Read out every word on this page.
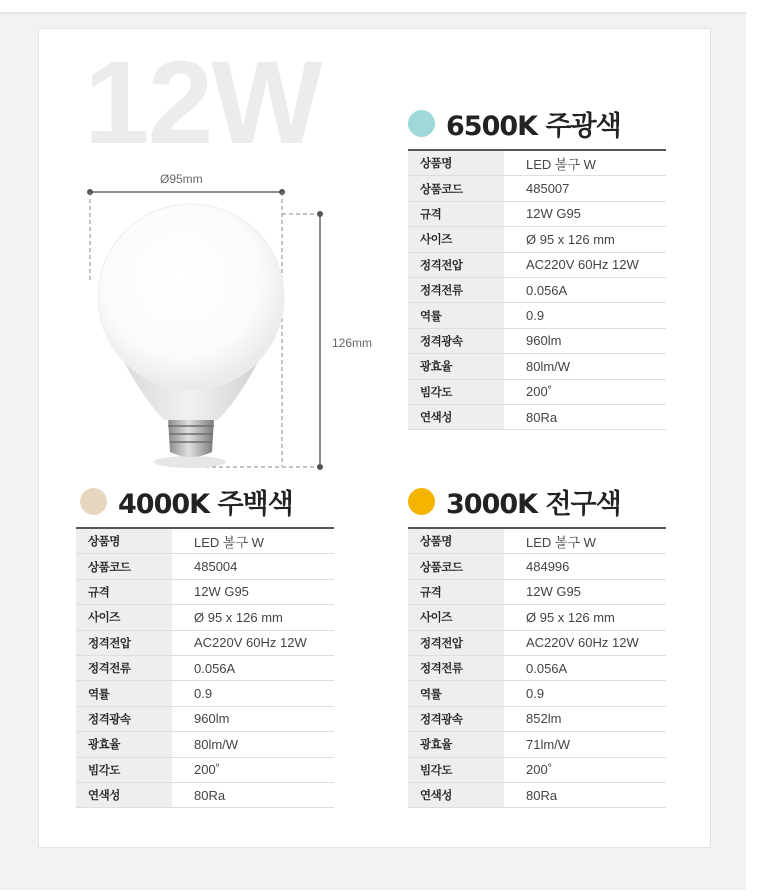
12W
Ø95mm
126mm
6500K 주광색
상품명	LED 볼구 W
상품코드	485007
규격	12W G95
사이즈	Ø 95 x 126 mm
정격전압	AC220V 60Hz 12W
정격전류	0.056A
역률	0.9
정격광속	960lm
광효율	80lm/W
빔각도	200˚
연색성	80Ra
4000K 주백색
상품명	LED 볼구 W
상품코드	485004
규격	12W G95
사이즈	Ø 95 x 126 mm
정격전압	AC220V 60Hz 12W
정격전류	0.056A
역률	0.9
정격광속	960lm
광효율	80lm/W
빔각도	200˚
연색성	80Ra
3000K 전구색
상품명	LED 볼구 W
상품코드	484996
규격	12W G95
사이즈	Ø 95 x 126 mm
정격전압	AC220V 60Hz 12W
정격전류	0.056A
역률	0.9
정격광속	852lm
광효율	71lm/W
빔각도	200˚
연색성	80Ra
